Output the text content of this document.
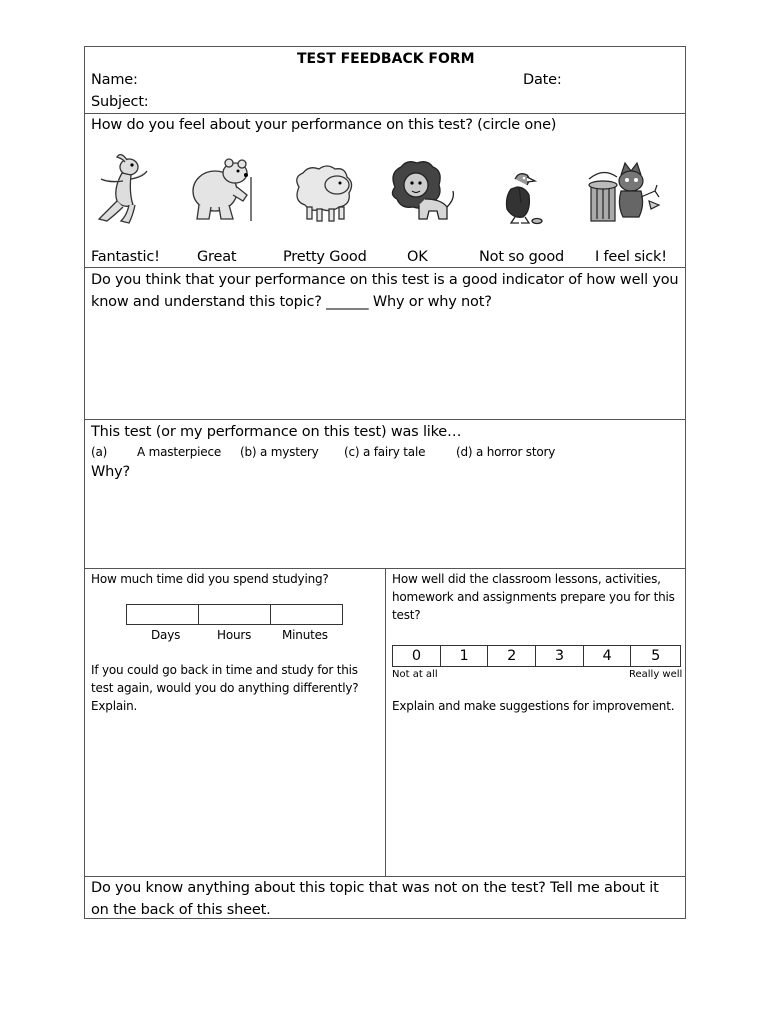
TEST FEEDBACK FORM
Name:	Date:
Subject:
How do you feel about your performance on this test? (circle one)
Fantastic!	Great	Pretty Good	OK	Not so good I feel sick!
Do you think that your performance on this test is a good indicator of how well you
know and understand this topic? ______ Why or why not?
This test (or my performance on this test) was like…
(a) A masterpiece (b) a mystery (c) a fairy tale	(d) a horror story
Why?
How much time did you spend studying?
Days	Hours	Minutes
If you could go back in time and study for this
test again, would you do anything differently?
Explain.
How well did the classroom lessons, activities,
homework and assignments prepare you for this
test?
0	1	2	3	4	5
Not at all	Really well
Explain and make suggestions for improvement.
Do you know anything about this topic that was not on the test? Tell me about it
on the back of this sheet.
